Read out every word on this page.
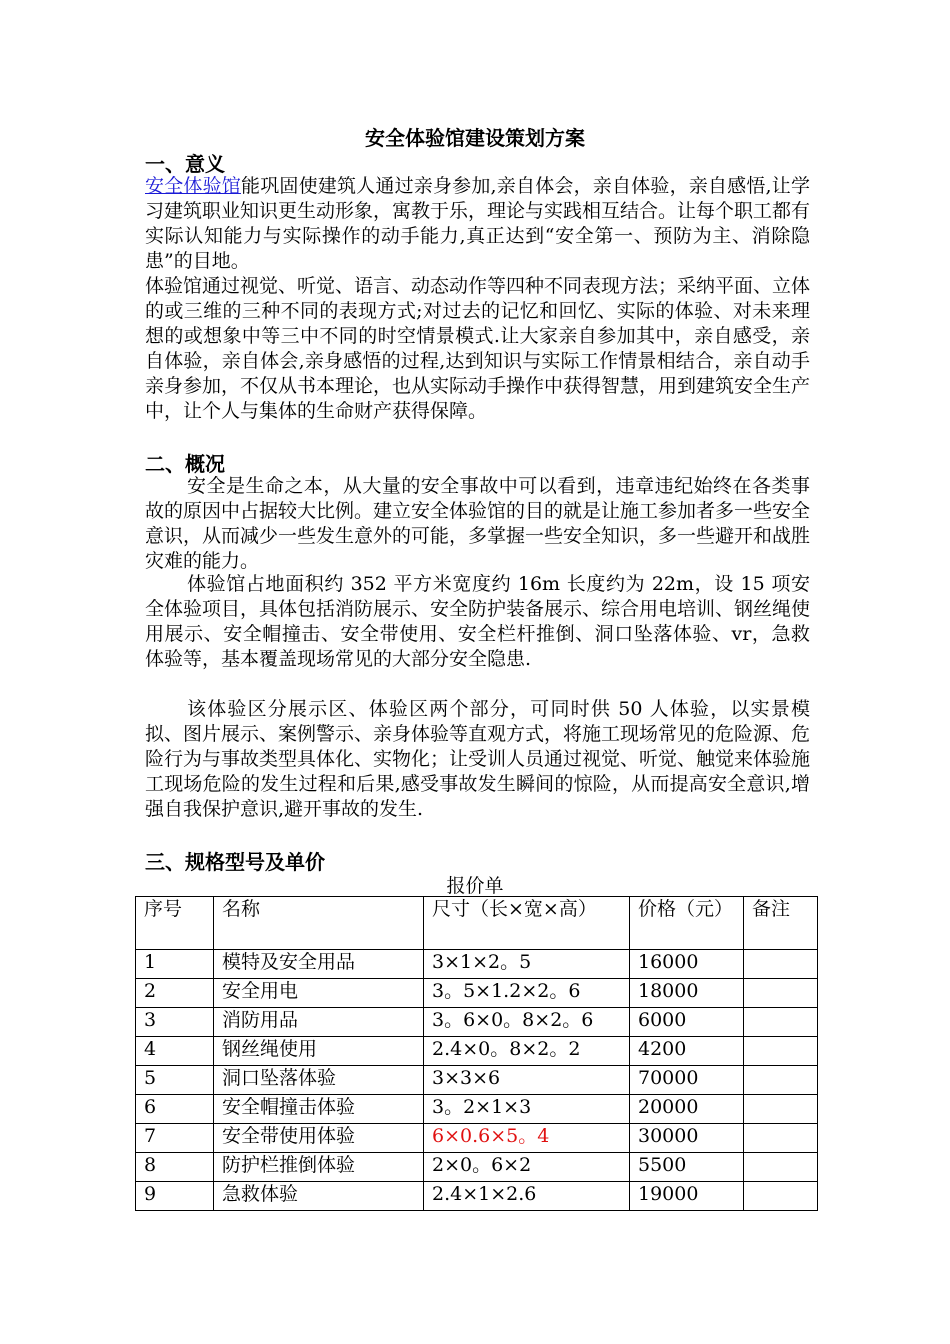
安全体验馆建设策划方案
一、意义
安全体验馆能巩固使建筑人通过亲身参加,亲自体会，亲自体验，亲自感悟,让学习建筑职业知识更生动形象，寓教于乐，理论与实践相互结合。让每个职工都有实际认知能力与实际操作的动手能力,真正达到“安全第一、预防为主、消除隐患”的目地。
体验馆通过视觉、听觉、语言、动态动作等四种不同表现方法；采纳平面、立体的或三维的三种不同的表现方式;对过去的记忆和回忆、实际的体验、对未来理想的或想象中等三中不同的时空情景模式.让大家亲自参加其中，亲自感受，亲自体验，亲自体会,亲身感悟的过程,达到知识与实际工作情景相结合，亲自动手亲身参加，不仅从书本理论，也从实际动手操作中获得智慧，用到建筑安全生产中，让个人与集体的生命财产获得保障。
二、概况
安全是生命之本，从大量的安全事故中可以看到，违章违纪始终在各类事故的原因中占据较大比例。建立安全体验馆的目的就是让施工参加者多一些安全意识，从而减少一些发生意外的可能，多掌握一些安全知识，多一些避开和战胜灾难的能力。
体验馆占地面积约 352 平方米宽度约 16m 长度约为 22m，设 15 项安全体验项目，具体包括消防展示、安全防护装备展示、综合用电培训、钢丝绳使用展示、安全帽撞击、安全带使用、安全栏杆推倒、洞口坠落体验、vr，急救体验等，基本覆盖现场常见的大部分安全隐患.
该体验区分展示区、体验区两个部分，可同时供 50 人体验，以实景模拟、图片展示、案例警示、亲身体验等直观方式，将施工现场常见的危险源、危险行为与事故类型具体化、实物化；让受训人员通过视觉、听觉、触觉来体验施工现场危险的发生过程和后果,感受事故发生瞬间的惊险，从而提高安全意识,增强自我保护意识,避开事故的发生.
三、规格型号及单价
报价单
序号	名称	尺寸（长×宽×高）	价格（元）	备注
1	模特及安全用品	3×1×2。5	16000	
2	安全用电	3。5×1.2×2。6	18000	
3	消防用品	3。6×0。8×2。6	6000	
4	钢丝绳使用	2.4×0。8×2。2	4200	
5	洞口坠落体验	3×3×6	70000	
6	安全帽撞击体验	3。2×1×3	20000	
7	安全带使用体验	6×0.6×5。4	30000	
8	防护栏推倒体验	2×0。6×2	5500	
9	急救体验	2.4×1×2.6	19000	
